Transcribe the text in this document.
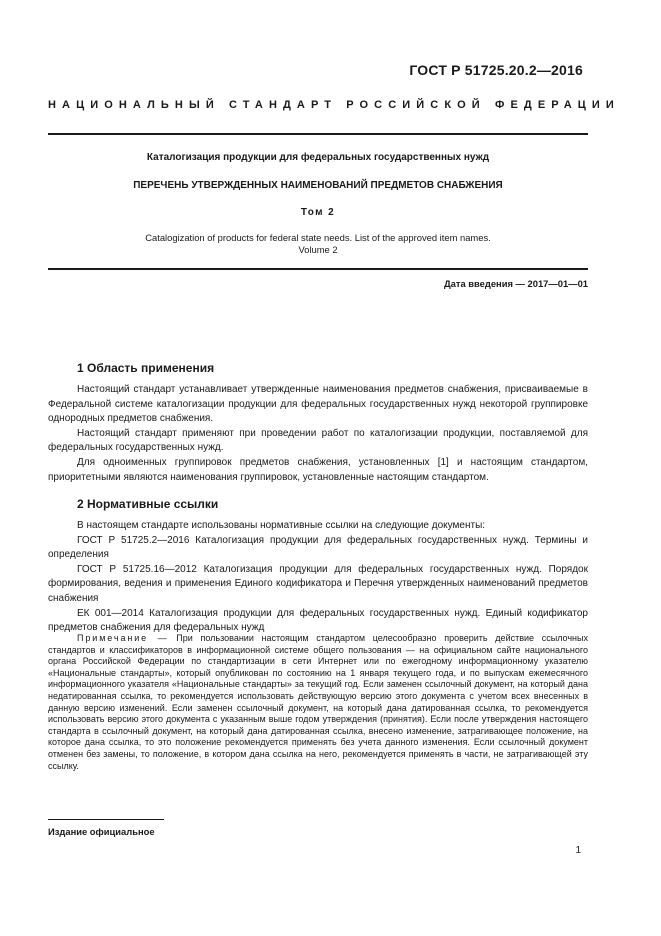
ГОСТ Р 51725.20.2—2016
НАЦИОНАЛЬНЫЙ СТАНДАРТ РОССИЙСКОЙ ФЕДЕРАЦИИ
Каталогизация продукции для федеральных государственных нужд
ПЕРЕЧЕНЬ УТВЕРЖДЕННЫХ НАИМЕНОВАНИЙ ПРЕДМЕТОВ СНАБЖЕНИЯ
Том 2
Catalogization of products for federal state needs. List of the approved item names.
Volume 2
Дата введения — 2017—01—01
1 Область применения

Настоящий стандарт устанавливает утвержденные наименования предметов снабжения, присваиваемые в Федеральной системе каталогизации продукции для федеральных государственных нужд некоторой группировке однородных предметов снабжения.

Настоящий стандарт применяют при проведении работ по каталогизации продукции, поставляемой для федеральных государственных нужд.

Для одноименных группировок предметов снабжения, установленных [1] и настоящим стандартом, приоритетными являются наименования группировок, установленные настоящим стандартом.

2 Нормативные ссылки

В настоящем стандарте использованы нормативные ссылки на следующие документы:

ГОСТ Р 51725.2—2016 Каталогизация продукции для федеральных государственных нужд. Термины и определения

ГОСТ Р 51725.16—2012 Каталогизация продукции для федеральных государственных нужд. Порядок формирования, ведения и применения Единого кодификатора и Перечня утвержденных наименований предметов снабжения

ЕК 001—2014 Каталогизация продукции для федеральных государственных нужд. Единый кодификатор предметов снабжения для федеральных нужд

Примечание — При пользовании настоящим стандартом целесообразно проверить действие ссылочных стандартов и классификаторов в информационной системе общего пользования — на официальном сайте национального органа Российской Федерации по стандартизации в сети Интернет или по ежегодному информационному указателю «Национальные стандарты», который опубликован по состоянию на 1 января текущего года, и по выпускам ежемесячного информационного указателя «Национальные стандарты» за текущий год. Если заменен ссылочный документ, на который дана недатированная ссылка, то рекомендуется использовать действующую версию этого документа с учетом всех внесенных в данную версию изменений. Если заменен ссылочный документ, на который дана датированная ссылка, то рекомендуется использовать версию этого документа с указанным выше годом утверждения (принятия). Если после утверждения настоящего стандарта в ссылочный документ, на который дана датированная ссылка, внесено изменение, затрагивающее положение, на которое дана ссылка, то это положение рекомендуется применять без учета данного изменения. Если ссылочный документ отменен без замены, то положение, в котором дана ссылка на него, рекомендуется применять в части, не затрагивающей эту ссылку.
Издание официальное
1
